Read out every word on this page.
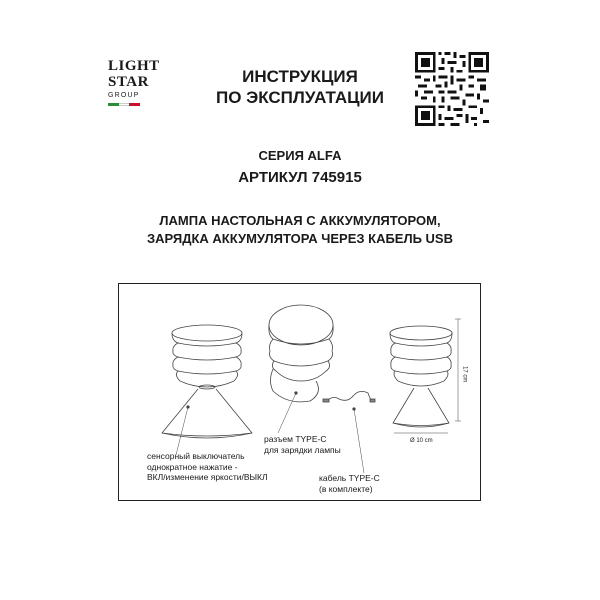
LIGHT
STAR
GROUP
ИНСТРУКЦИЯ
ПО ЭКСПЛУАТАЦИИ
СЕРИЯ ALFA
АРТИКУЛ 745915
ЛАМПА НАСТОЛЬНАЯ С АККУМУЛЯТОРОМ,
ЗАРЯДКА АККУМУЛЯТОРА ЧЕРЕЗ КАБЕЛЬ USB
сенсорный выключатель
однократное нажатие -
ВКЛ/изменение яркости/ВЫКЛ
разъем TYPE-C
для зарядки лампы
кабель TYPE-C
(в комплекте)
17 cm
Ø 10 cm
